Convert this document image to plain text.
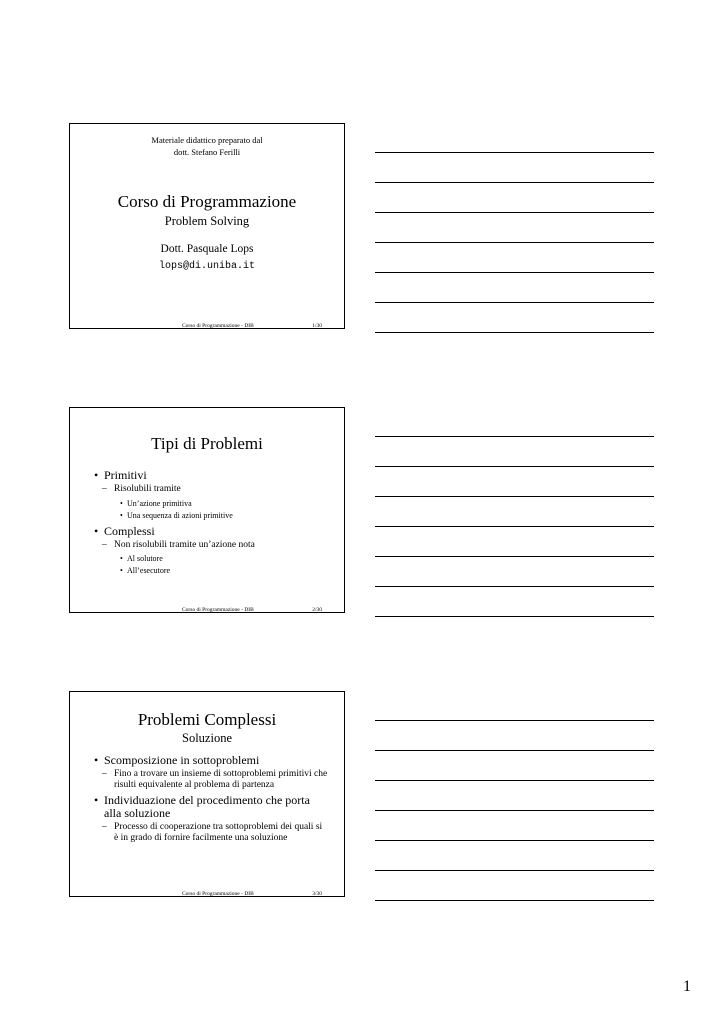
Materiale didattico preparato dal
dott. Stefano Ferilli
Corso di Programmazione
Problem Solving
Dott. Pasquale Lops
lops@di.uniba.it
Corso di Programmazione - DIB	1/30
Tipi di Problemi
• Primitivi
– Risolubili tramite
• Un’azione primitiva
• Una sequenza di azioni primitive
• Complessi
– Non risolubili tramite un’azione nota
• Al solutore
• All’esecutore
Corso di Programmazione - DIB	2/30
Problemi Complessi
Soluzione
• Scomposizione in sottoproblemi
– Fino a trovare un insieme di sottoproblemi primitivi che risulti equivalente al problema di partenza
• Individuazione del procedimento che porta alla soluzione
– Processo di cooperazione tra sottoproblemi dei quali si è in grado di fornire facilmente una soluzione
Corso di Programmazione - DIB	3/30
1
